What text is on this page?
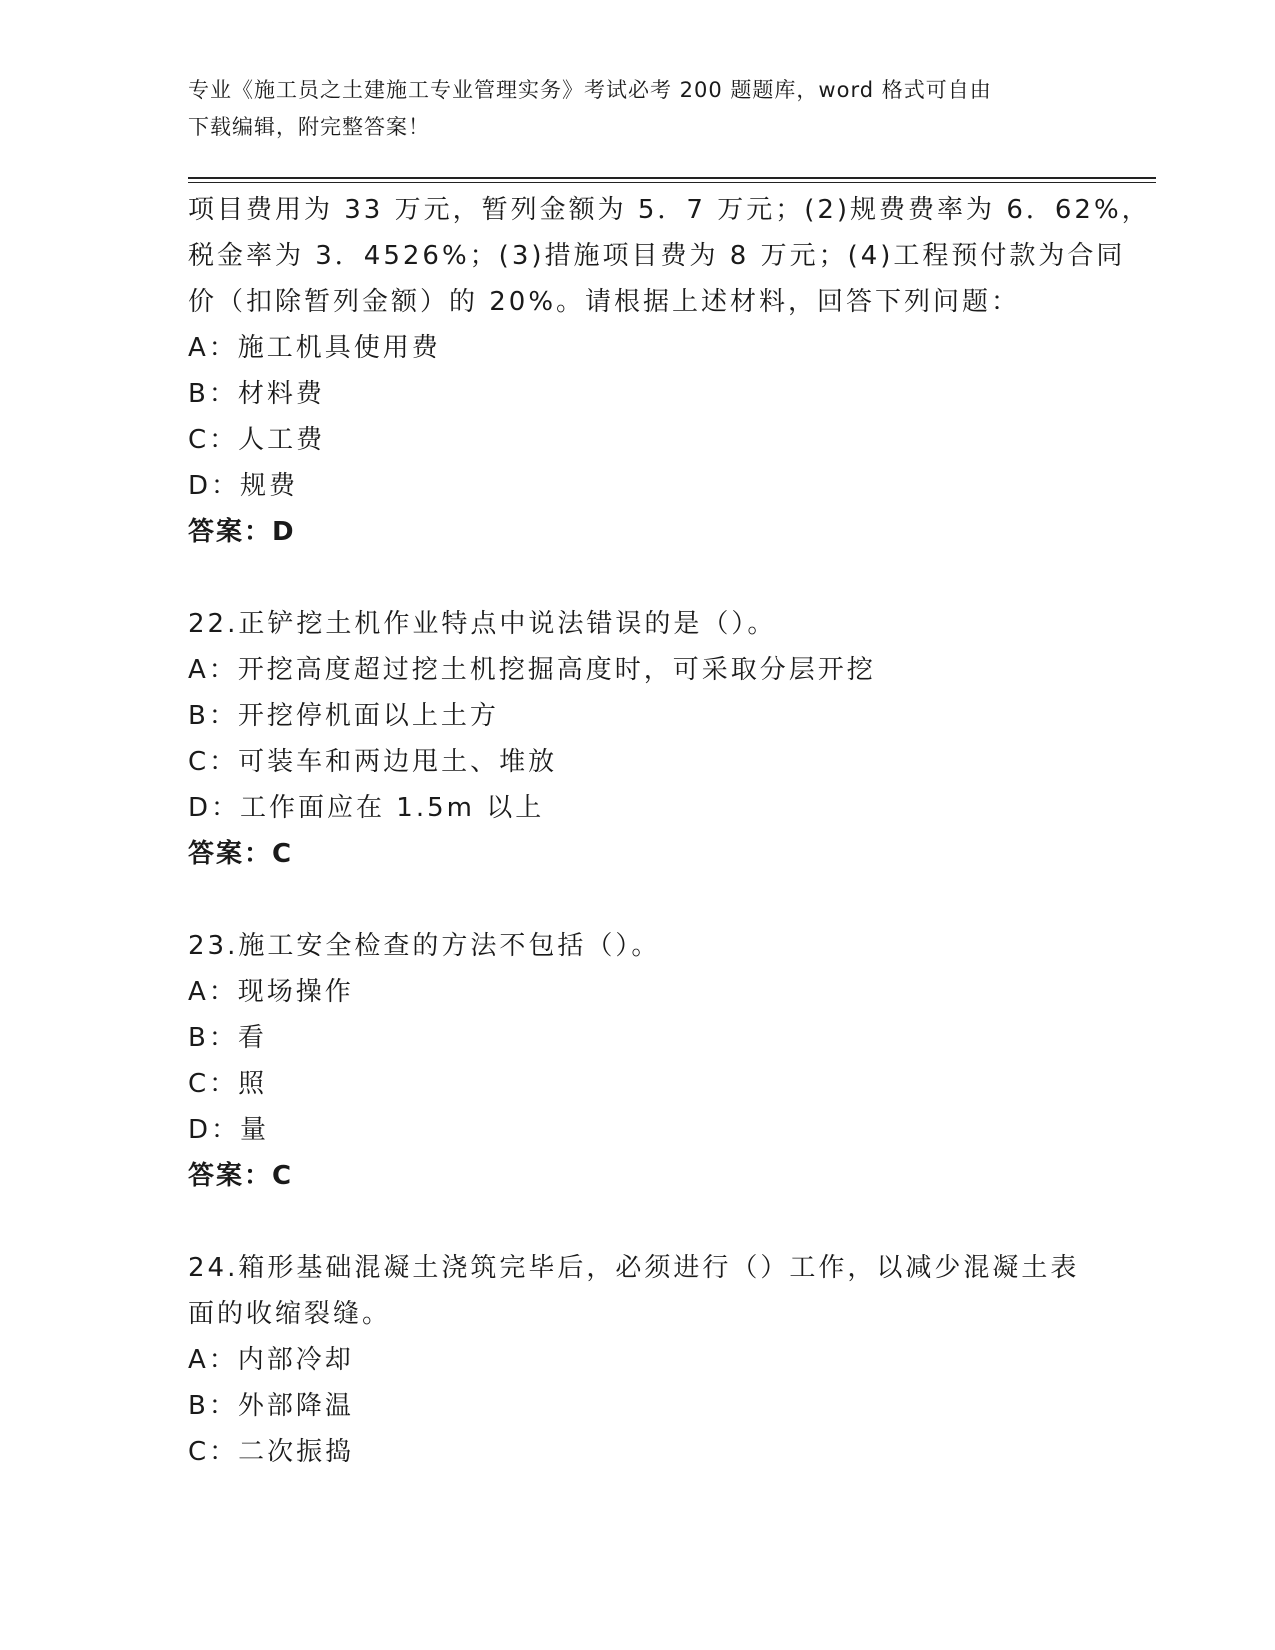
专业《施工员之土建施工专业管理实务》考试必考 200 题题库，word 格式可自由
下载编辑，附完整答案！
项目费用为 33 万元，暂列金额为 5．7 万元；(2)规费费率为 6．62%，
税金率为 3．4526%；(3)措施项目费为 8 万元；(4)工程预付款为合同
价（扣除暂列金额）的 20%。请根据上述材料，回答下列问题：
A：施工机具使用费
B：材料费
C：人工费
D：规费
答案：D
22.正铲挖土机作业特点中说法错误的是（）。
A：开挖高度超过挖土机挖掘高度时，可采取分层开挖
B：开挖停机面以上土方
C：可装车和两边甩土、堆放
D：工作面应在 1.5m 以上
答案：C
23.施工安全检查的方法不包括（）。
A：现场操作
B：看
C：照
D：量
答案：C
24.箱形基础混凝土浇筑完毕后，必须进行（）工作，以减少混凝土表
面的收缩裂缝。
A：内部冷却
B：外部降温
C：二次振捣
